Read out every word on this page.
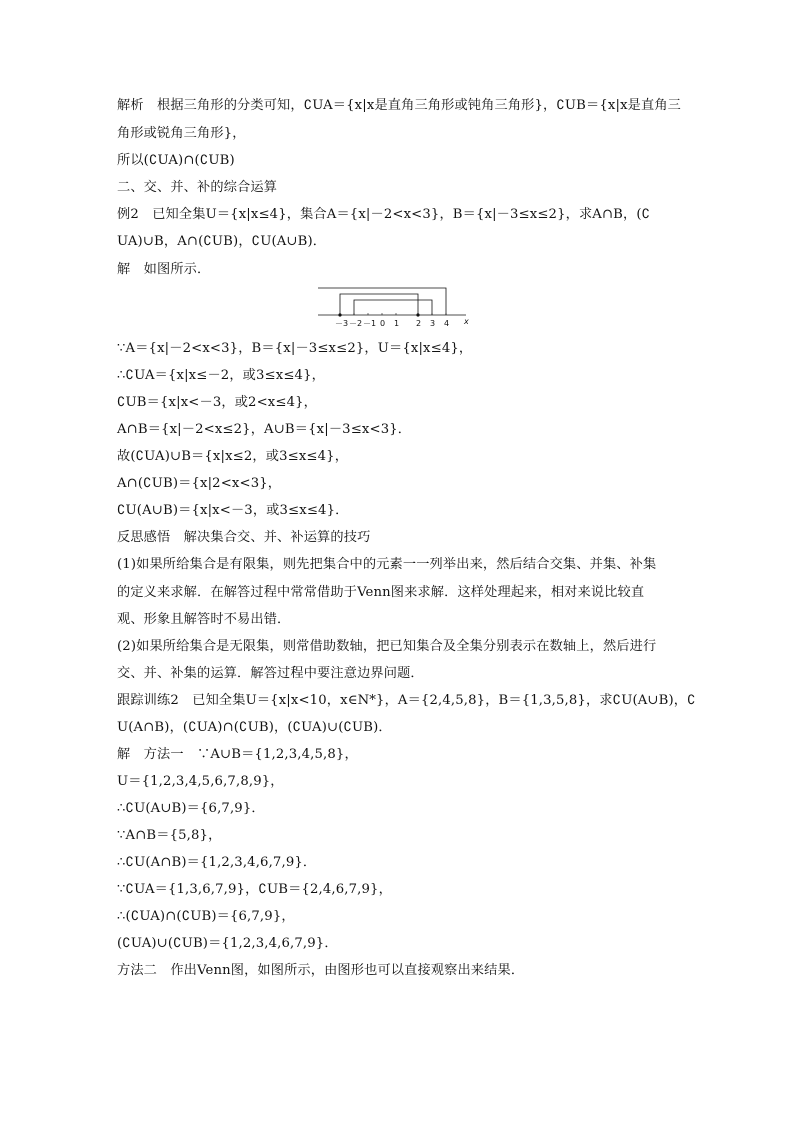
解析　根据三角形的分类可知，∁UA＝{x|x是直角三角形或钝角三角形}，∁UB＝{x|x是直角三
角形或锐角三角形}，
所以(∁UA)∩(∁UB)
二、交、并、补的综合运算
例2　已知全集U＝{x|x≤4}，集合A＝{x|－2<x<3}，B＝{x|－3≤x≤2}，求A∩B，(∁
UA)∪B，A∩(∁UB)，∁U(A∪B)．
解　如图所示．
－3 －2 －1 0 1 2 3 4 x
∵A＝{x|－2<x<3}，B＝{x|－3≤x≤2}，U＝{x|x≤4}，
∴∁UA＝{x|x≤－2，或3≤x≤4}，
∁UB＝{x|x<－3，或2<x≤4}，
A∩B＝{x|－2<x≤2}，A∪B＝{x|－3≤x<3}．
故(∁UA)∪B＝{x|x≤2，或3≤x≤4}，
A∩(∁UB)＝{x|2<x<3}，
∁U(A∪B)＝{x|x<－3，或3≤x≤4}．
反思感悟　解决集合交、并、补运算的技巧
(1)如果所给集合是有限集，则先把集合中的元素一一列举出来，然后结合交集、并集、补集
的定义来求解．在解答过程中常常借助于Venn图来求解．这样处理起来，相对来说比较直
观、形象且解答时不易出错．
(2)如果所给集合是无限集，则常借助数轴，把已知集合及全集分别表示在数轴上，然后进行
交、并、补集的运算．解答过程中要注意边界问题．
跟踪训练2　已知全集U＝{x|x<10，x∈N*}，A＝{2,4,5,8}，B＝{1,3,5,8}，求∁U(A∪B)，∁
U(A∩B)，(∁UA)∩(∁UB)，(∁UA)∪(∁UB)．
解　方法一　∵A∪B＝{1,2,3,4,5,8}，
U＝{1,2,3,4,5,6,7,8,9}，
∴∁U(A∪B)＝{6,7,9}．
∵A∩B＝{5,8}，
∴∁U(A∩B)＝{1,2,3,4,6,7,9}．
∵∁UA＝{1,3,6,7,9}，∁UB＝{2,4,6,7,9}，
∴(∁UA)∩(∁UB)＝{6,7,9}，
(∁UA)∪(∁UB)＝{1,2,3,4,6,7,9}．
方法二　作出Venn图，如图所示，由图形也可以直接观察出来结果．
